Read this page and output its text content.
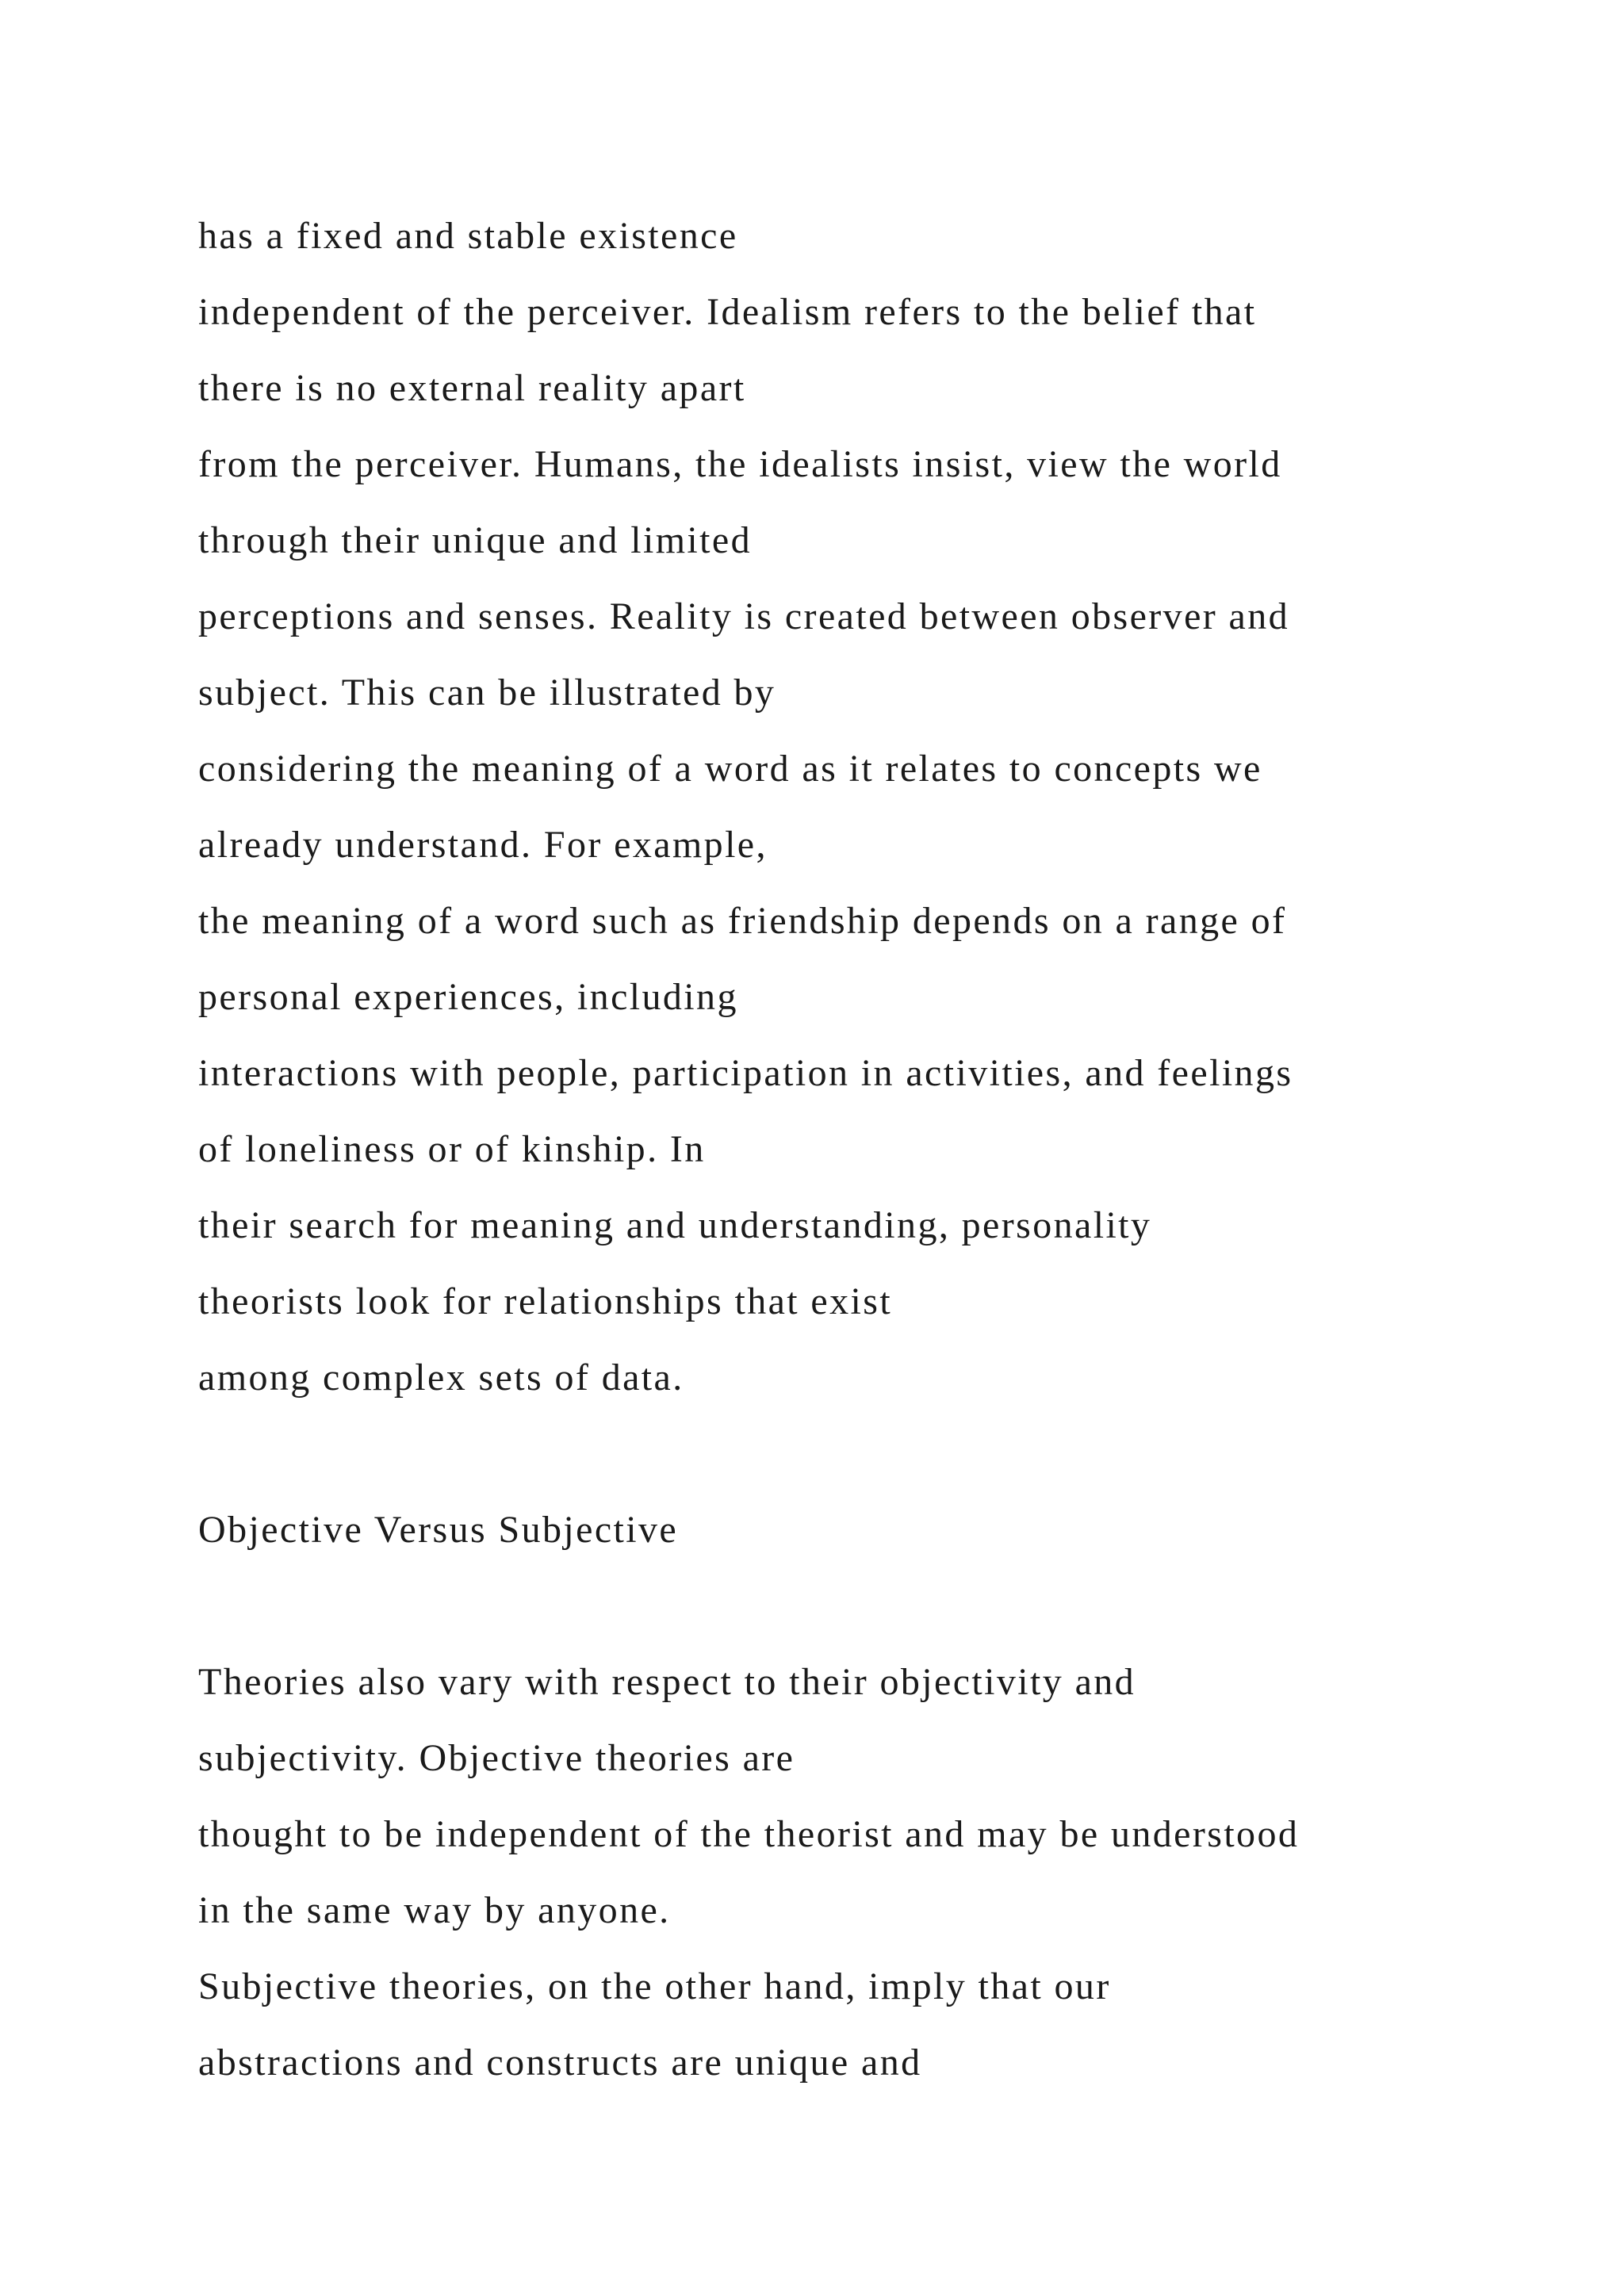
has a fixed and stable existence
independent of the perceiver. Idealism refers to the belief that
there is no external reality apart
from the perceiver. Humans, the idealists insist, view the world
through their unique and limited
perceptions and senses. Reality is created between observer and
subject. This can be illustrated by
considering the meaning of a word as it relates to concepts we
already understand. For example,
the meaning of a word such as friendship depends on a range of
personal experiences, including
interactions with people, participation in activities, and feelings
of loneliness or of kinship. In
their search for meaning and understanding, personality
theorists look for relationships that exist
among complex sets of data.
Objective Versus Subjective
Theories also vary with respect to their objectivity and
subjectivity. Objective theories are
thought to be independent of the theorist and may be understood
in the same way by anyone.
Subjective theories, on the other hand, imply that our
abstractions and constructs are unique and
